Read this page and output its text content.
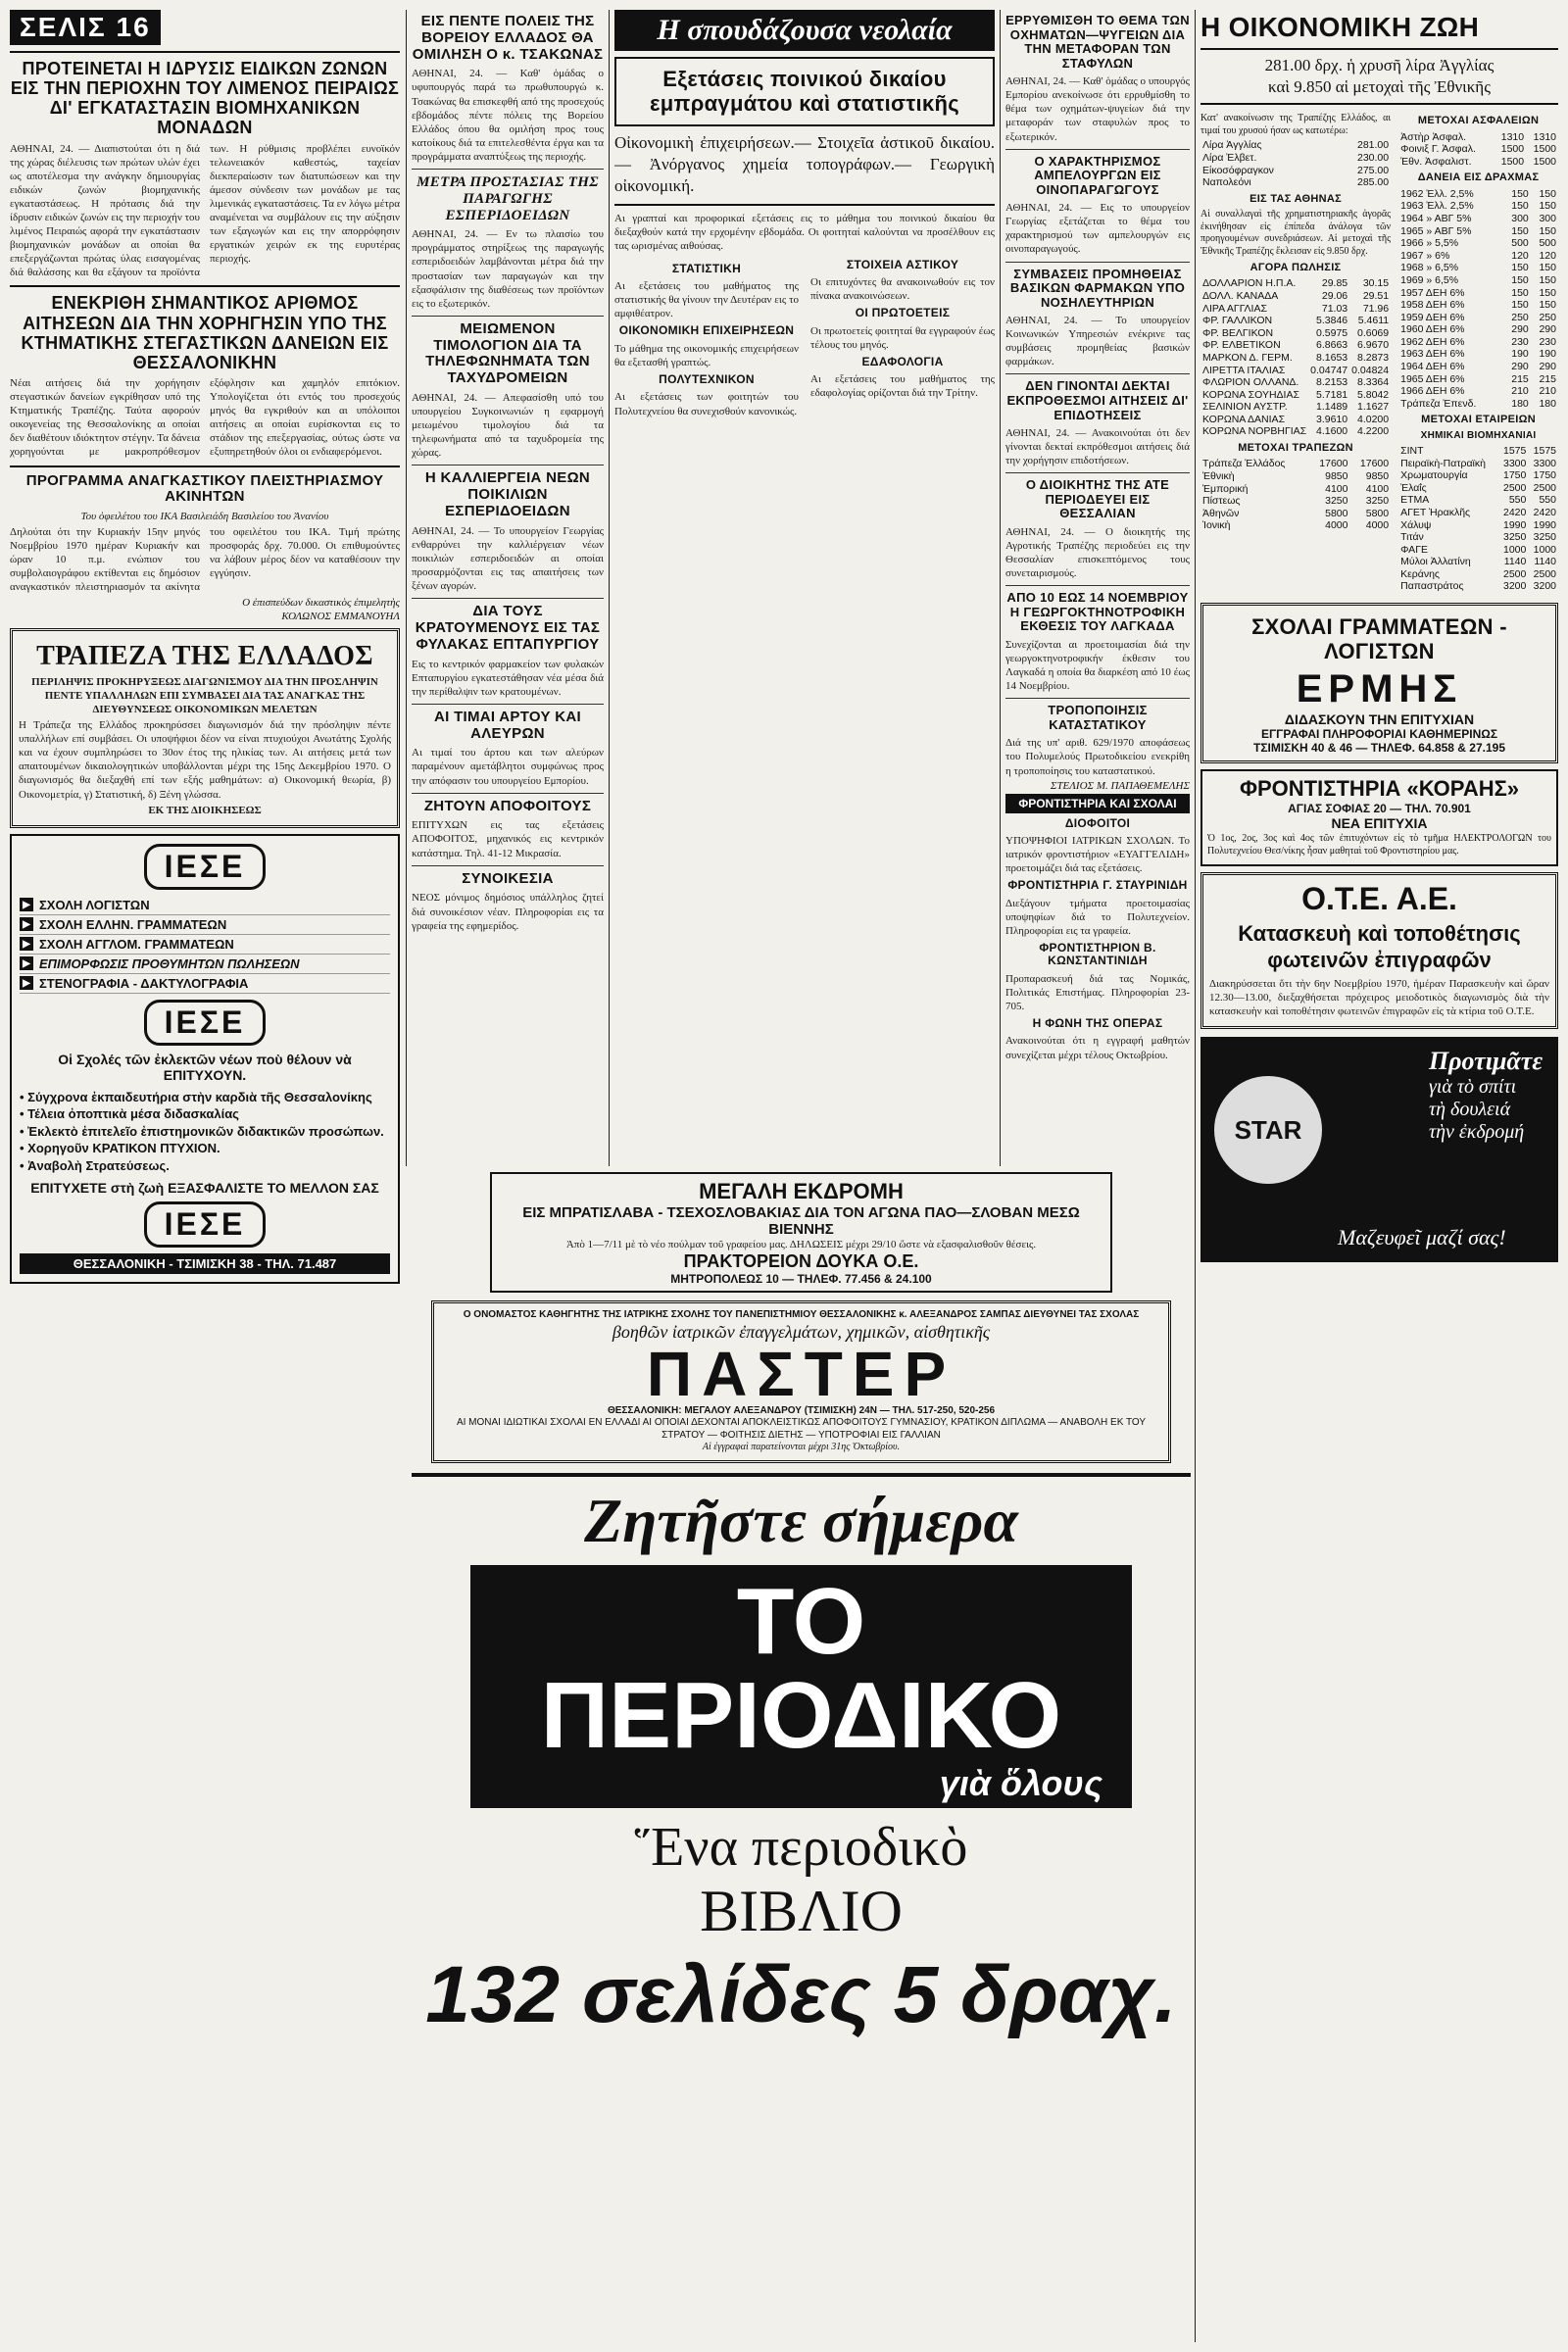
ΣΕΛΙΣ 16
ΠΡΟΤΕΙΝΕΤΑΙ Η ΙΔΡΥΣΙΣ ΕΙΔΙΚΩΝ ΖΩΝΩΝ ΕΙΣ ΤΗΝ ΠΕΡΙΟΧΗΝ ΤΟΥ ΛΙΜΕΝΟΣ ΠΕΙΡΑΙΩΣ ΔΙ' ΕΓΚΑΤΑΣΤΑΣΙΝ ΒΙΟΜΗΧΑΝΙΚΩΝ ΜΟΝΑΔΩΝ

ΑΘΗΝΑΙ, 24. — Διαπιστούται ότι η διά της χώρας διέλευσις των πρώτων υλών έχει ως αποτέλεσμα την ανάγκην δημιουργίας ειδικών ζωνών βιομηχανικής εγκαταστάσεως. Η πρότασις διά την ίδρυσιν ειδικών ζωνών εις την περιοχήν του λιμένος Πειραιώς αφορά την εγκατάστασιν βιομηχανικών μονάδων αι οποίαι θα επεξεργάζωνται πρώτας ύλας εισαγομένας διά θαλάσσης και θα εξάγουν τα προϊόντα των. Η ρύθμισις προβλέπει ευνοϊκόν τελωνειακόν καθεστώς, ταχείαν διεκπεραίωσιν των διατυπώσεων και την άμεσον σύνδεσιν των μονάδων με τας λιμενικάς εγκαταστάσεις. Τα εν λόγω μέτρα αναμένεται να συμβάλουν εις την αύξησιν των εξαγωγών και εις την απορρόφησιν εργατικών χειρών εκ της ευρυτέρας περιοχής.

ΕΝΕΚΡΙΘΗ ΣΗΜΑΝΤΙΚΟΣ ΑΡΙΘΜΟΣ ΑΙΤΗΣΕΩΝ ΔΙΑ ΤΗΝ ΧΟΡΗΓΗΣΙΝ ΥΠΟ ΤΗΣ ΚΤΗΜΑΤΙΚΗΣ ΣΤΕΓΑΣΤΙΚΩΝ ΔΑΝΕΙΩΝ ΕΙΣ ΘΕΣΣΑΛΟΝΙΚΗΝ

Νέαι αιτήσεις διά την χορήγησιν στεγαστικών δανείων εγκρίθησαν υπό της Κτηματικής Τραπέζης. Ταύτα αφορούν οικογενείας της Θεσσαλονίκης αι οποίαι δεν διαθέτουν ιδιόκτητον στέγην. Τα δάνεια χορηγούνται με μακροπρόθεσμον εξόφλησιν και χαμηλόν επιτόκιον. Υπολογίζεται ότι εντός του προσεχούς μηνός θα εγκριθούν και αι υπόλοιποι αιτήσεις αι οποίαι ευρίσκονται εις το στάδιον της επεξεργασίας, ούτως ώστε να εξυπηρετηθούν όλοι οι ενδιαφερόμενοι.

ΠΡΟΓΡΑΜΜΑ ΑΝΑΓΚΑΣΤΙΚΟΥ ΠΛΕΙΣΤΗΡΙΑΣΜΟΥ ΑΚΙΝΗΤΩΝ

Του ὀφειλέτου του ΙΚΑ Βασιλειάδη Βασιλείου του Ἀνανίου

Δηλούται ότι την Κυριακήν 15ην μηνός Νοεμβρίου 1970 ημέραν Κυριακήν και ώραν 10 π.μ. ενώπιον του συμβολαιογράφου εκτίθενται εις δημόσιον αναγκαστικόν πλειστηριασμόν τα ακίνητα του οφειλέτου του ΙΚΑ. Τιμή πρώτης προσφοράς δρχ. 70.000. Οι επιθυμούντες να λάβουν μέρος δέον να καταθέσουν την εγγύησιν.

Ο ἐπισπεύδων δικαστικὸς ἐπιμελητὴς

ΚΟΛΩΝΟΣ ΕΜΜΑΝΟΥΗΛ

ΤΡΑΠΕΖΑ ΤΗΣ ΕΛΛΑΔΟΣ

ΠΕΡΙΛΗΨΙΣ ΠΡΟΚΗΡΥΞΕΩΣ ΔΙΑΓΩΝΙΣΜΟΥ ΔΙΑ ΤΗΝ ΠΡΟΣΛΗΨΙΝ ΠΕΝΤΕ ΥΠΑΛΛΗΛΩΝ ΕΠΙ ΣΥΜΒΑΣΕΙ ΔΙΑ ΤΑΣ ΑΝΑΓΚΑΣ ΤΗΣ ΔΙΕΥΘΥΝΣΕΩΣ ΟΙΚΟΝΟΜΙΚΩΝ ΜΕΛΕΤΩΝ

Η Τράπεζα της Ελλάδος προκηρύσσει διαγωνισμόν διά την πρόσληψιν πέντε υπαλλήλων επί συμβάσει. Οι υποψήφιοι δέον να είναι πτυχιούχοι Ανωτάτης Σχολής και να έχουν συμπληρώσει το 30ον έτος της ηλικίας των. Αι αιτήσεις μετά των απαιτουμένων δικαιολογητικών υποβάλλονται μέχρι της 15ης Δεκεμβρίου 1970. Ο διαγωνισμός θα διεξαχθή επί των εξής μαθημάτων: α) Οικονομική θεωρία, β) Οικονομετρία, γ) Στατιστική, δ) Ξένη γλώσσα.

ΕΚ ΤΗΣ ΔΙΟΙΚΗΣΕΩΣ

ΙΕΣΕ
▶ ΣΧΟΛΗ ΛΟΓΙΣΤΩΝ
▶ ΣΧΟΛΗ ΕΛΛΗΝ. ΓΡΑΜΜΑΤΕΩΝ
▶ ΣΧΟΛΗ ΑΓΓΛΟΜ. ΓΡΑΜΜΑΤΕΩΝ
▶ ΕΠΙΜΟΡΦΩΣΙΣ ΠΡΟΘΥΜΗΤΩΝ ΠΩΛΗΣΕΩΝ
▶ ΣΤΕΝΟΓΡΑΦΙΑ - ΔΑΚΤΥΛΟΓΡΑΦΙΑ
ΙΕΣΕ

Οἱ Σχολές τῶν ἐκλεκτῶν νέων ποὺ θέλουν νὰ ΕΠΙΤΥΧΟΥΝ.

• Σύγχρονα ἐκπαιδευτήρια στὴν καρδιὰ τῆς Θεσσαλονίκης
• Τέλεια ὀποπτικὰ μέσα διδασκαλίας
• Ἐκλεκτὸ ἐπιτελεῖο ἐπιστημονικῶν διδακτικῶν προσώπων.
• Χορηγοῦν ΚΡΑΤΙΚΟΝ ΠΤΥΧΙΟΝ.
• Ἀναβολὴ Στρατεύσεως.

ΕΠΙΤΥΧΕΤΕ στὴ ζωὴ ΕΞΑΣΦΑΛΙΣΤΕ ΤΟ ΜΕΛΛΟΝ ΣΑΣ

ΙΕΣΕ
ΘΕΣΣΑΛΟΝΙΚΗ - ΤΣΙΜΙΣΚΗ 38 - ΤΗΛ. 71.487
ΕΙΣ ΠΕΝΤΕ ΠΟΛΕΙΣ ΤΗΣ ΒΟΡΕΙΟΥ ΕΛΛΑΔΟΣ ΘΑ ΟΜΙΛΗΣΗ Ο κ. ΤΣΑΚΩΝΑΣ

ΑΘΗΝΑΙ, 24. — Καθ' ὁμάδας ο υφυπουργός παρά τω πρωθυπουργώ κ. Τσακώνας θα επισκεφθή από της προσεχούς εβδομάδος πέντε πόλεις της Βορείου Ελλάδος όπου θα ομιλήση προς τους κατοίκους διά τα επιτελεσθέντα έργα και τα προγράμματα αναπτύξεως της περιοχής.

ΜΕΤΡΑ ΠΡΟΣΤΑΣΙΑΣ ΤΗΣ ΠΑΡΑΓΩΓΗΣ ΕΣΠΕΡΙΔΟΕΙΔΩΝ

ΑΘΗΝΑΙ, 24. — Εν τω πλαισίω του προγράμματος στηρίξεως της παραγωγής εσπεριδοειδών λαμβάνονται μέτρα διά την προστασίαν των παραγωγών και την εξασφάλισιν της διαθέσεως των προϊόντων εις το εξωτερικόν.

ΜΕΙΩΜΕΝΟΝ ΤΙΜΟΛΟΓΙΟΝ ΔΙΑ ΤΑ ΤΗΛΕΦΩΝΗΜΑΤΑ ΤΩΝ ΤΑΧΥΔΡΟΜΕΙΩΝ

ΑΘΗΝΑΙ, 24. — Απεφασίσθη υπό του υπουργείου Συγκοινωνιών η εφαρμογή μειωμένου τιμολογίου διά τα τηλεφωνήματα από τα ταχυδρομεία της χώρας.

Η ΚΑΛΛΙΕΡΓΕΙΑ ΝΕΩΝ ΠΟΙΚΙΛΙΩΝ ΕΣΠΕΡΙΔΟΕΙΔΩΝ

ΑΘΗΝΑΙ, 24. — Το υπουργείον Γεωργίας ενθαρρύνει την καλλιέργειαν νέων ποικιλιών εσπεριδοειδών αι οποίαι προσαρμόζονται εις τας απαιτήσεις των ξένων αγορών.

ΔΙΑ ΤΟΥΣ ΚΡΑΤΟΥΜΕΝΟΥΣ ΕΙΣ ΤΑΣ ΦΥΛΑΚΑΣ ΕΠΤΑΠΥΡΓΙΟΥ

Εις το κεντρικόν φαρμακείον των φυλακών Επταπυργίου εγκατεστάθησαν νέα μέσα διά την περίθαλψιν των κρατουμένων.

ΑΙ ΤΙΜΑΙ ΑΡΤΟΥ ΚΑΙ ΑΛΕΥΡΩΝ

Αι τιμαί του άρτου και των αλεύρων παραμένουν αμετάβλητοι συμφώνως προς την απόφασιν του υπουργείου Εμπορίου.

ΖΗΤΟΥΝ ΑΠΟΦΟΙΤΟΥΣ

ΕΠΙΤΥΧΩΝ εις τας εξετάσεις ΑΠΟΦΟΙΤΟΣ, μηχανικός εις κεντρικόν κατάστημα. Τηλ. 41-12 Μικρασία.

ΣΥΝΟΙΚΕΣΙΑ

ΝΕΟΣ μόνιμος δημόσιος υπάλληλος ζητεί διά συνοικέσιον νέαν. Πληροφορίαι εις τα γραφεία της εφημερίδος.

Η σπουδάζουσα νεολαία
Εξετάσεις ποινικού δικαίου εμπραγμάτου καὶ στατιστικῆς

Οἰκονομικὴ ἐπιχειρήσεων.— Στοιχεῖα ἀστικοῦ δικαίου.— Ἀνόργανος χημεία τοπογράφων.— Γεωργικὴ οἰκονομική.

Αι γραπταί και προφορικαί εξετάσεις εις το μάθημα του ποινικού δικαίου θα διεξαχθούν κατά την ερχομένην εβδομάδα. Οι φοιτηταί καλούνται να προσέλθουν εις τας ωρισμένας αιθούσας.

ΣΤΑΤΙΣΤΙΚΗ

Αι εξετάσεις του μαθήματος της στατιστικής θα γίνουν την Δευτέραν εις το αμφιθέατρον.

ΟΙΚΟΝΟΜΙΚΗ ΕΠΙΧΕΙΡΗΣΕΩΝ

Το μάθημα της οικονομικής επιχειρήσεων θα εξετασθή γραπτώς.

ΠΟΛΥΤΕΧΝΙΚΟΝ

Αι εξετάσεις των φοιτητών του Πολυτεχνείου θα συνεχισθούν κανονικώς.

ΣΤΟΙΧΕΙΑ ΑΣΤΙΚΟΥ

Οι επιτυχόντες θα ανακοινωθούν εις τον πίνακα ανακοινώσεων.

ΟΙ ΠΡΩΤΟΕΤΕΙΣ

Οι πρωτοετείς φοιτηταί θα εγγραφούν έως τέλους του μηνός.

ΕΔΑΦΟΛΟΓΙΑ

Αι εξετάσεις του μαθήματος της εδαφολογίας ορίζονται διά την Τρίτην.

ΕΡΡΥΘΜΙΣΘΗ ΤΟ ΘΕΜΑ ΤΩΝ ΟΧΗΜΑΤΩΝ—ΨΥΓΕΙΩΝ ΔΙΑ ΤΗΝ ΜΕΤΑΦΟΡΑΝ ΤΩΝ ΣΤΑΦΥΛΩΝ

ΑΘΗΝΑΙ, 24. — Καθ' ὁμάδας ο υπουργός Εμπορίου ανεκοίνωσε ότι ερρυθμίσθη το θέμα των οχημάτων-ψυγείων διά την μεταφοράν των σταφυλών προς το εξωτερικόν.

Ο ΧΑΡΑΚΤΗΡΙΣΜΟΣ ΑΜΠΕΛΟΥΡΓΩΝ ΕΙΣ ΟΙΝΟΠΑΡΑΓΩΓΟΥΣ

ΑΘΗΝΑΙ, 24. — Εις το υπουργείον Γεωργίας εξετάζεται το θέμα του χαρακτηρισμού των αμπελουργών εις οινοπαραγωγούς.

ΣΥΜΒΑΣΕΙΣ ΠΡΟΜΗΘΕΙΑΣ ΒΑΣΙΚΩΝ ΦΑΡΜΑΚΩΝ ΥΠΟ ΝΟΣΗΛΕΥΤΗΡΙΩΝ

ΑΘΗΝΑΙ, 24. — Το υπουργείον Κοινωνικών Υπηρεσιών ενέκρινε τας συμβάσεις προμηθείας βασικών φαρμάκων.

ΔΕΝ ΓΙΝΟΝΤΑΙ ΔΕΚΤΑΙ ΕΚΠΡΟΘΕΣΜΟΙ ΑΙΤΗΣΕΙΣ ΔΙ' ΕΠΙΔΟΤΗΣΕΙΣ

ΑΘΗΝΑΙ, 24. — Ανακοινούται ότι δεν γίνονται δεκταί εκπρόθεσμοι αιτήσεις διά την χορήγησιν επιδοτήσεων.

Ο ΔΙΟΙΚΗΤΗΣ ΤΗΣ ΑΤΕ ΠΕΡΙΟΔΕΥΕΙ ΕΙΣ ΘΕΣΣΑΛΙΑΝ

ΑΘΗΝΑΙ, 24. — Ο διοικητής της Αγροτικής Τραπέζης περιοδεύει εις την Θεσσαλίαν επισκεπτόμενος τους συνεταιρισμούς.

ΑΠΟ 10 ΕΩΣ 14 ΝΟΕΜΒΡΙΟΥ Η ΓΕΩΡΓΟΚΤΗΝΟΤΡΟΦΙΚΗ ΕΚΘΕΣΙΣ ΤΟΥ ΛΑΓΚΑΔΑ

Συνεχίζονται αι προετοιμασίαι διά την γεωργοκτηνοτροφικήν έκθεσιν του Λαγκαδά η οποία θα διαρκέση από 10 έως 14 Νοεμβρίου.

ΤΡΟΠΟΠΟΙΗΣΙΣ ΚΑΤΑΣΤΑΤΙΚΟΥ

Διά της υπ' αριθ. 629/1970 αποφάσεως του Πολυμελούς Πρωτοδικείου ενεκρίθη η τροποποίησις του καταστατικού.

ΣΤΕΛΙΟΣ Μ. ΠΑΠΑΘΕΜΕΛΗΣ

ΦΡΟΝΤΙΣΤΗΡΙΑ ΚΑΙ ΣΧΟΛΑΙ
ΔΙΟΦΟΙΤΟΙ

ΥΠΟΨΗΦΙΟΙ ΙΑΤΡΙΚΩΝ ΣΧΟΛΩΝ. Το ιατρικόν φροντιστήριον «ΕΥΑΓΓΕΛΙΔΗ» προετοιμάζει διά τας εξετάσεις.

ΦΡΟΝΤΙΣΤΗΡΙΑ Γ. ΣΤΑΥΡΙΝΙΔΗ

Διεξάγουν τμήματα προετοιμασίας υποψηφίων διά το Πολυτεχνείον. Πληροφορίαι εις τα γραφεία.

ΦΡΟΝΤΙΣΤΗΡΙΟΝ Β. ΚΩΝΣΤΑΝΤΙΝΙΔΗ

Προπαρασκευή διά τας Νομικάς, Πολιτικάς Επιστήμας. Πληροφορίαι 23-705.

Η ΦΩΝΗ ΤΗΣ ΟΠΕΡΑΣ

Ανακοινούται ότι η εγγραφή μαθητών συνεχίζεται μέχρι τέλους Οκτωβρίου.

Η ΟΙΚΟΝΟΜΙΚΗ ΖΩΗ

281.00 δρχ. ἡ χρυσῆ λίρα Ἀγγλίας

καὶ 9.850 αἱ μετοχαὶ τῆς Ἐθνικῆς

Κατ' ανακοίνωσιν της Τραπέζης Ελλάδος, αι τιμαί του χρυσού ήσαν ως κατωτέρω:

Λίρα Ἀγγλίας	281.00
Λίρα Ἐλβετ.	230.00
Εἰκοσόφραγκον	275.00
Ναπολεόνι	285.00
ΕΙΣ ΤΑΣ ΑΘΗΝΑΣ

Αἱ συναλλαγαὶ τῆς χρηματιστηριακῆς ἀγορᾶς ἐκινήθησαν εἰς ἐπίπεδα ἀνάλογα τῶν προηγουμένων συνεδριάσεων. Αἱ μετοχαὶ τῆς Ἐθνικῆς Τραπέζης ἔκλεισαν εἰς 9.850 δρχ.

ΑΓΟΡΑ ΠΩΛΗΣΙΣ
ΔΟΛΛΑΡΙΟΝ Η.Π.Α.	29.85	30.15
ΔΟΛΛ. ΚΑΝΑΔΑ	29.06	29.51
ΛΙΡΑ ΑΓΓΛΙΑΣ	71.03	71.96
ΦΡ. ΓΑΛΛΙΚΟΝ	5.3846	5.4611
ΦΡ. ΒΕΛΓΙΚΟΝ	0.5975	0.6069
ΦΡ. ΕΛΒΕΤΙΚΟΝ	6.8663	6.9670
ΜΑΡΚΟΝ Δ. ΓΕΡΜ.	8.1653	8.2873
ΛΙΡΕΤΤΑ ΙΤΑΛΙΑΣ	0.04747	0.04824
ΦΛΩΡΙΟΝ ΟΛΛΑΝΔ.	8.2153	8.3364
ΚΟΡΩΝΑ ΣΟΥΗΔΙΑΣ	5.7181	5.8042
ΣΕΛΙΝΙΟΝ ΑΥΣΤΡ.	1.1489	1.1627
ΚΟΡΩΝΑ ΔΑΝΙΑΣ	3.9610	4.0200
ΚΟΡΩΝΑ ΝΟΡΒΗΓΙΑΣ	4.1600	4.2200
ΜΕΤΟΧΑΙ ΤΡΑΠΕΖΩΝ
Τράπεζα Ἑλλάδος	17600	17600
Ἐθνικὴ	9850	9850
Ἐμπορική	4100	4100
Πίστεως	3250	3250
Ἀθηνῶν	5800	5800
Ἰονικὴ	4000	4000
ΜΕΤΟΧΑΙ ΑΣΦΑΛΕΙΩΝ
Ἀστὴρ Ἀσφαλ.	1310	1310
Φοινιξ Γ. Ἀσφαλ.	1500	1500
Ἐθν. Ἀσφαλιστ.	1500	1500
ΔΑΝΕΙΑ ΕΙΣ ΔΡΑΧΜΑΣ
1962 Ἐλλ. 2,5%	150	150
1963 Ἐλλ. 2,5%	150	150
1964 » ΑΒΓ 5%	300	300
1965 » ΑΒΓ 5%	150	150
1966 » 5,5%	500	500
1967 » 6%	120	120
1968 » 6,5%	150	150
1969 » 6,5%	150	150
1957 ΔΕΗ 6%	150	150
1958 ΔΕΗ 6%	150	150
1959 ΔΕΗ 6%	250	250
1960 ΔΕΗ 6%	290	290
1962 ΔΕΗ 6%	230	230
1963 ΔΕΗ 6%	190	190
1964 ΔΕΗ 6%	290	290
1965 ΔΕΗ 6%	215	215
1966 ΔΕΗ 6%	210	210
Τράπεζα Ἐπενδ.	180	180
ΜΕΤΟΧΑΙ ΕΤΑΙΡΕΙΩΝ
ΧΗΜΙΚΑΙ ΒΙΟΜΗΧΑΝΙΑΙ
ΣΙΝΤ	1575	1575
Πειραϊκὴ-Πατραϊκὴ	3300	3300
Χρωματουργία	1750	1750
Ἐλαΐς	2500	2500
ΕΤΜΑ	550	550
ΑΓΕΤ Ἡρακλῆς	2420	2420
Χάλυψ	1990	1990
Τιτάν	3250	3250
ΦΑΓΕ	1000	1000
Μύλοι Ἀλλατίνη	1140	1140
Κεράνης	2500	2500
Παπαστράτος	3200	3200
ΣΧΟΛΑΙ ΓΡΑΜΜΑΤΕΩΝ - ΛΟΓΙΣΤΩΝ
ΕΡΜΗΣ
ΔΙΔΑΣΚΟΥΝ ΤΗΝ ΕΠΙΤΥΧΙΑΝ
ΕΓΓΡΑΦΑΙ ΠΛΗΡΟΦΟΡΙΑΙ ΚΑΘΗΜΕΡΙΝΩΣ
ΤΣΙΜΙΣΚΗ 40 & 46 — ΤΗΛΕΦ. 64.858 & 27.195
ΦΡΟΝΤΙΣΤΗΡΙΑ «ΚΟΡΑΗΣ»
ΑΓΙΑΣ ΣΟΦΙΑΣ 20 — ΤΗΛ. 70.901
ΝΕΑ ΕΠΙΤΥΧΙΑ

Ὁ 1ος, 2ος, 3ος καὶ 4ος τῶν ἐπιτυχόντων εἰς τὸ τμῆμα ΗΛΕΚΤΡΟΛΟΓΩΝ του Πολυτεχνείου Θεσ/νίκης ἦσαν μαθηταὶ τοῦ Φροντιστηρίου μας.

Ο.Τ.Ε. Α.Ε.
Κατασκευὴ καὶ τοποθέτησις φωτεινῶν ἐπιγραφῶν

Διακηρύσσεται ὅτι τὴν 6ην Νοεμβρίου 1970, ἡμέραν Παρασκευὴν καὶ ὥραν 12.30—13.00, διεξαχθήσεται πρόχειρος μειοδοτικὸς διαγωνισμὸς διὰ τὴν κατασκευὴν καὶ τοποθέτησιν φωτεινῶν ἐπιγραφῶν εἰς τὰ κτίρια τοῦ Ο.Τ.Ε.

STAR
Προτιμᾶτε
γιὰ τὸ σπίτι
τὴ δουλειά
τὴν ἐκδρομή
Μαζευφεῖ μαζί σας!
ΜΕΓΑΛΗ ΕΚΔΡΟΜΗ
ΕΙΣ ΜΠΡΑΤΙΣΛΑΒΑ - ΤΣΕΧΟΣΛΟΒΑΚΙΑΣ ΔΙΑ ΤΟΝ ΑΓΩΝΑ ΠΑΟ—ΣΛΟΒΑΝ ΜΕΣΩ ΒΙΕΝΝΗΣ
Ἀπὸ 1—7/11 μὲ τὸ νέο πούλμαν τοῦ γραφείου μας. ΔΗΛΩΣΕΙΣ μέχρι 29/10 ὥστε νὰ εξασφαλισθοῦν θέσεις.
ΠΡΑΚΤΟΡΕΙΟΝ ΔΟΥΚΑ Ο.Ε.
ΜΗΤΡΟΠΟΛΕΩΣ 10 — ΤΗΛΕΦ. 77.456 & 24.100
Ο ΟΝΟΜΑΣΤΟΣ ΚΑΘΗΓΗΤΗΣ ΤΗΣ ΙΑΤΡΙΚΗΣ ΣΧΟΛΗΣ ΤΟΥ ΠΑΝΕΠΙΣΤΗΜΙΟΥ ΘΕΣΣΑΛΟΝΙΚΗΣ κ. ΑΛΕΞΑΝΔΡΟΣ ΣΑΜΠΑΣ ΔΙΕΥΘΥΝΕΙ ΤΑΣ ΣΧΟΛΑΣ
βοηθῶν ἰατρικῶν ἐπαγγελμάτων, χημικῶν, αἰσθητικῆς
ΠΑΣΤΕΡ
ΘΕΣΣΑΛΟΝΙΚΗ: ΜΕΓΑΛΟΥ ΑΛΕΞΑΝΔΡΟΥ (ΤΣΙΜΙΣΚΗ) 24Ν — ΤΗΛ. 517-250, 520-256
ΑΙ ΜΟΝΑΙ ΙΔΙΩΤΙΚΑΙ ΣΧΟΛΑΙ ΕΝ ΕΛΛΑΔΙ ΑΙ ΟΠΟΙΑΙ ΔΕΧΟΝΤΑΙ ΑΠΟΚΛΕΙΣΤΙΚΩΣ ΑΠΟΦΟΙΤΟΥΣ ΓΥΜΝΑΣΙΟΥ, ΚΡΑΤΙΚΟΝ ΔΙΠΛΩΜΑ — ΑΝΑΒΟΛΗ ΕΚ ΤΟΥ ΣΤΡΑΤΟΥ — ΦΟΙΤΗΣΙΣ ΔΙΕΤΗΣ — ΥΠΟΤΡΟΦΙΑΙ ΕΙΣ ΓΑΛΛΙΑΝ
Αἱ ἐγγραφαὶ παρατείνονται μέχρι 31ης Ὀκτωβρίου.
Ζητῆστε σήμερα
ΤΟ ΠΕΡΙΟΔΙΚΟ
γιὰ ὅλους
Ἕνα περιοδικὸ
ΒΙΒΛΙΟ
132 σελίδες 5 δραχ.
